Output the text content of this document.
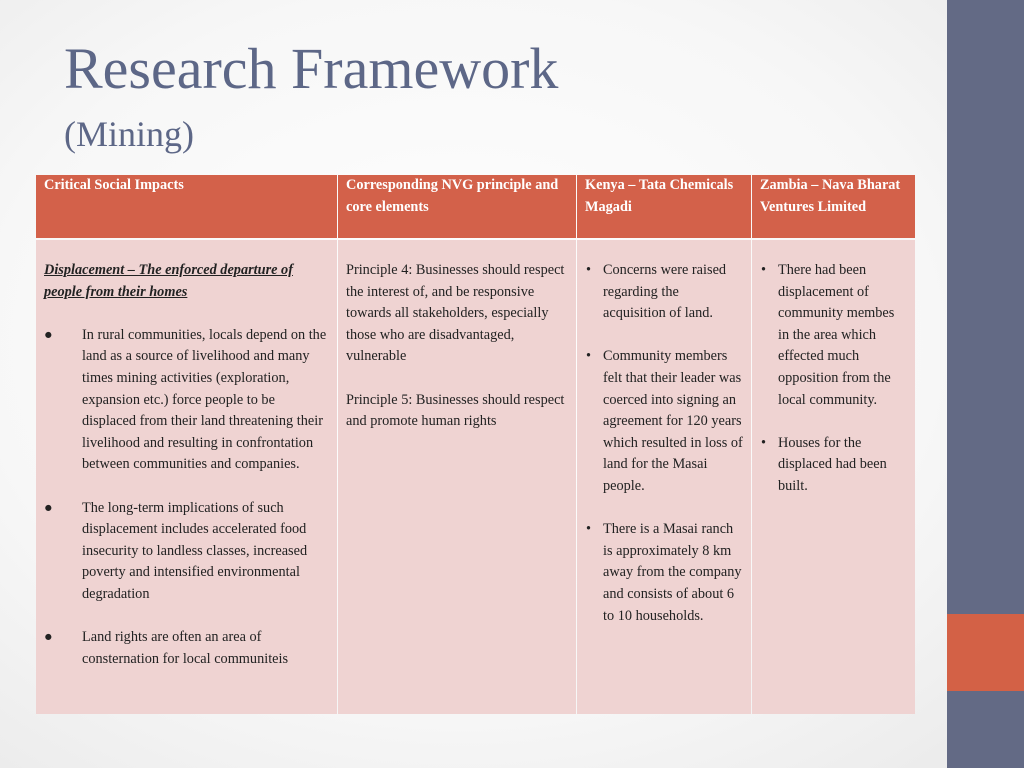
Research Framework
(Mining)
Critical Social Impacts	Corresponding NVG principle and core elements
Kenya – Tata Chemicals Magadi
Zambia – Nava Bharat Ventures Limited
Displacement – The enforced departure of people from their homes
● In rural communities, locals depend on the land as a source of livelihood and many times mining activities (exploration, expansion etc.) force people to be displaced from their land threatening their livelihood and resulting in confrontation between communities and companies.
● The long-term implications of such displacement includes accelerated food insecurity to landless classes, increased poverty and intensified environmental degradation
● Land rights are often an area of consternation for local communiteis

Principle 4: Businesses should respect the interest of, and be responsive towards all stakeholders, especially those who are disadvantaged, vulnerable

Principle 5: Businesses should respect and promote human rights

• Concerns were raised regarding the acquisition of land.
• Community members felt that their leader was coerced into signing an agreement for 120 years which resulted in loss of land for the Masai people.
• There is a Masai ranch is approximately 8 km away from the company and consists of about 6 to 10 households.
• There had been displacement of community membes in the area which effected much opposition from the local community.
• Houses for the displaced had been built.
